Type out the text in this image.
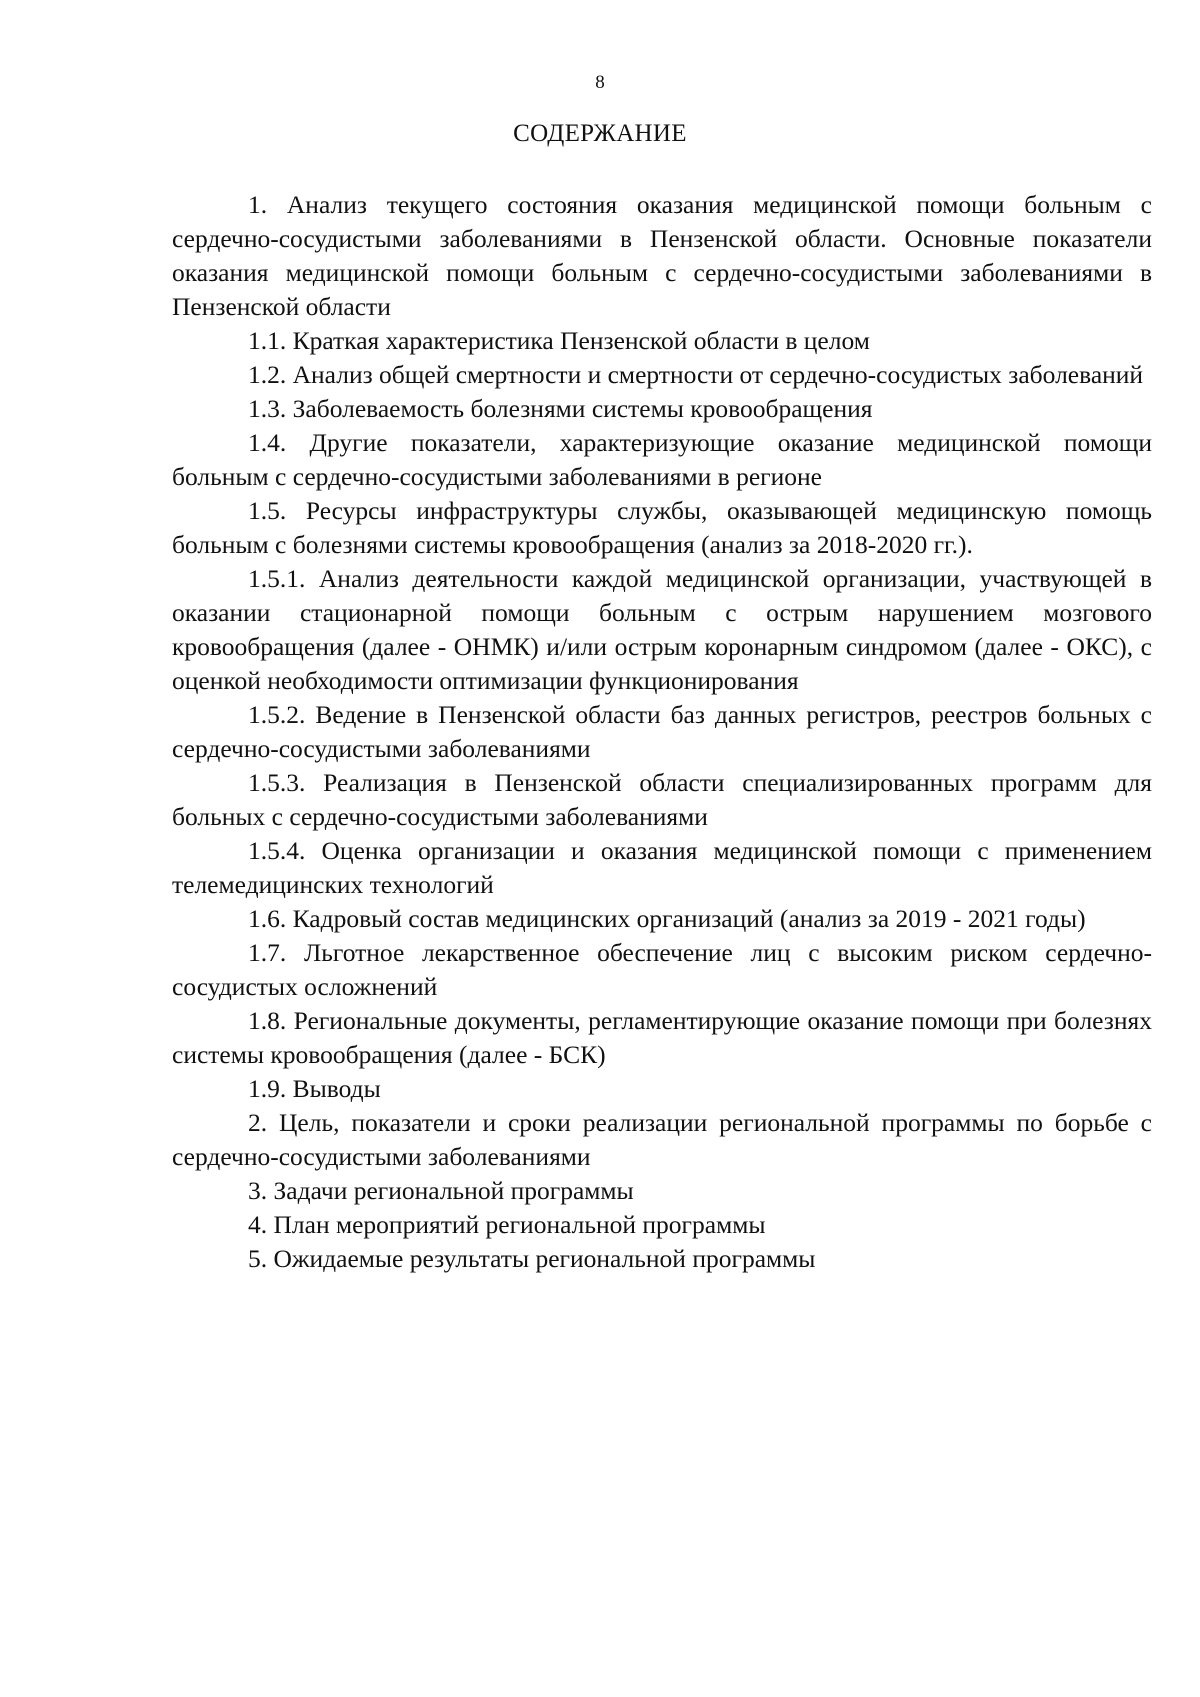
8
СОДЕРЖАНИЕ

1. Анализ текущего состояния оказания медицинской помощи больным с сердечно-сосудистыми заболеваниями в Пензенской области. Основные показатели оказания медицинской помощи больным с сердечно-сосудистыми заболеваниями в Пензенской области

1.1. Краткая характеристика Пензенской области в целом

1.2. Анализ общей смертности и смертности от сердечно-сосудистых заболеваний

1.3. Заболеваемость болезнями системы кровообращения

1.4. Другие показатели, характеризующие оказание медицинской помощи больным с сердечно-сосудистыми заболеваниями в регионе

1.5. Ресурсы инфраструктуры службы, оказывающей медицинскую помощь больным с болезнями системы кровообращения (анализ за 2018-2020 гг.).

1.5.1. Анализ деятельности каждой медицинской организации, участвующей в оказании стационарной помощи больным с острым нарушением мозгового кровообращения (далее - ОНМК) и/или острым коронарным синдромом (далее - ОКС), с оценкой необходимости оптимизации функционирования

1.5.2. Ведение в Пензенской области баз данных регистров, реестров больных с сердечно-сосудистыми заболеваниями

1.5.3. Реализация в Пензенской области специализированных программ для больных с сердечно-сосудистыми заболеваниями

1.5.4. Оценка организации и оказания медицинской помощи с применением телемедицинских технологий

1.6. Кадровый состав медицинских организаций (анализ за 2019 - 2021 годы)

1.7. Льготное лекарственное обеспечение лиц с высоким риском сердечно-сосудистых осложнений

1.8. Региональные документы, регламентирующие оказание помощи при болезнях системы кровообращения (далее - БСК)

1.9. Выводы

2. Цель, показатели и сроки реализации региональной программы по борьбе с сердечно-сосудистыми заболеваниями

3. Задачи региональной программы

4. План мероприятий региональной программы

5. Ожидаемые результаты региональной программы
